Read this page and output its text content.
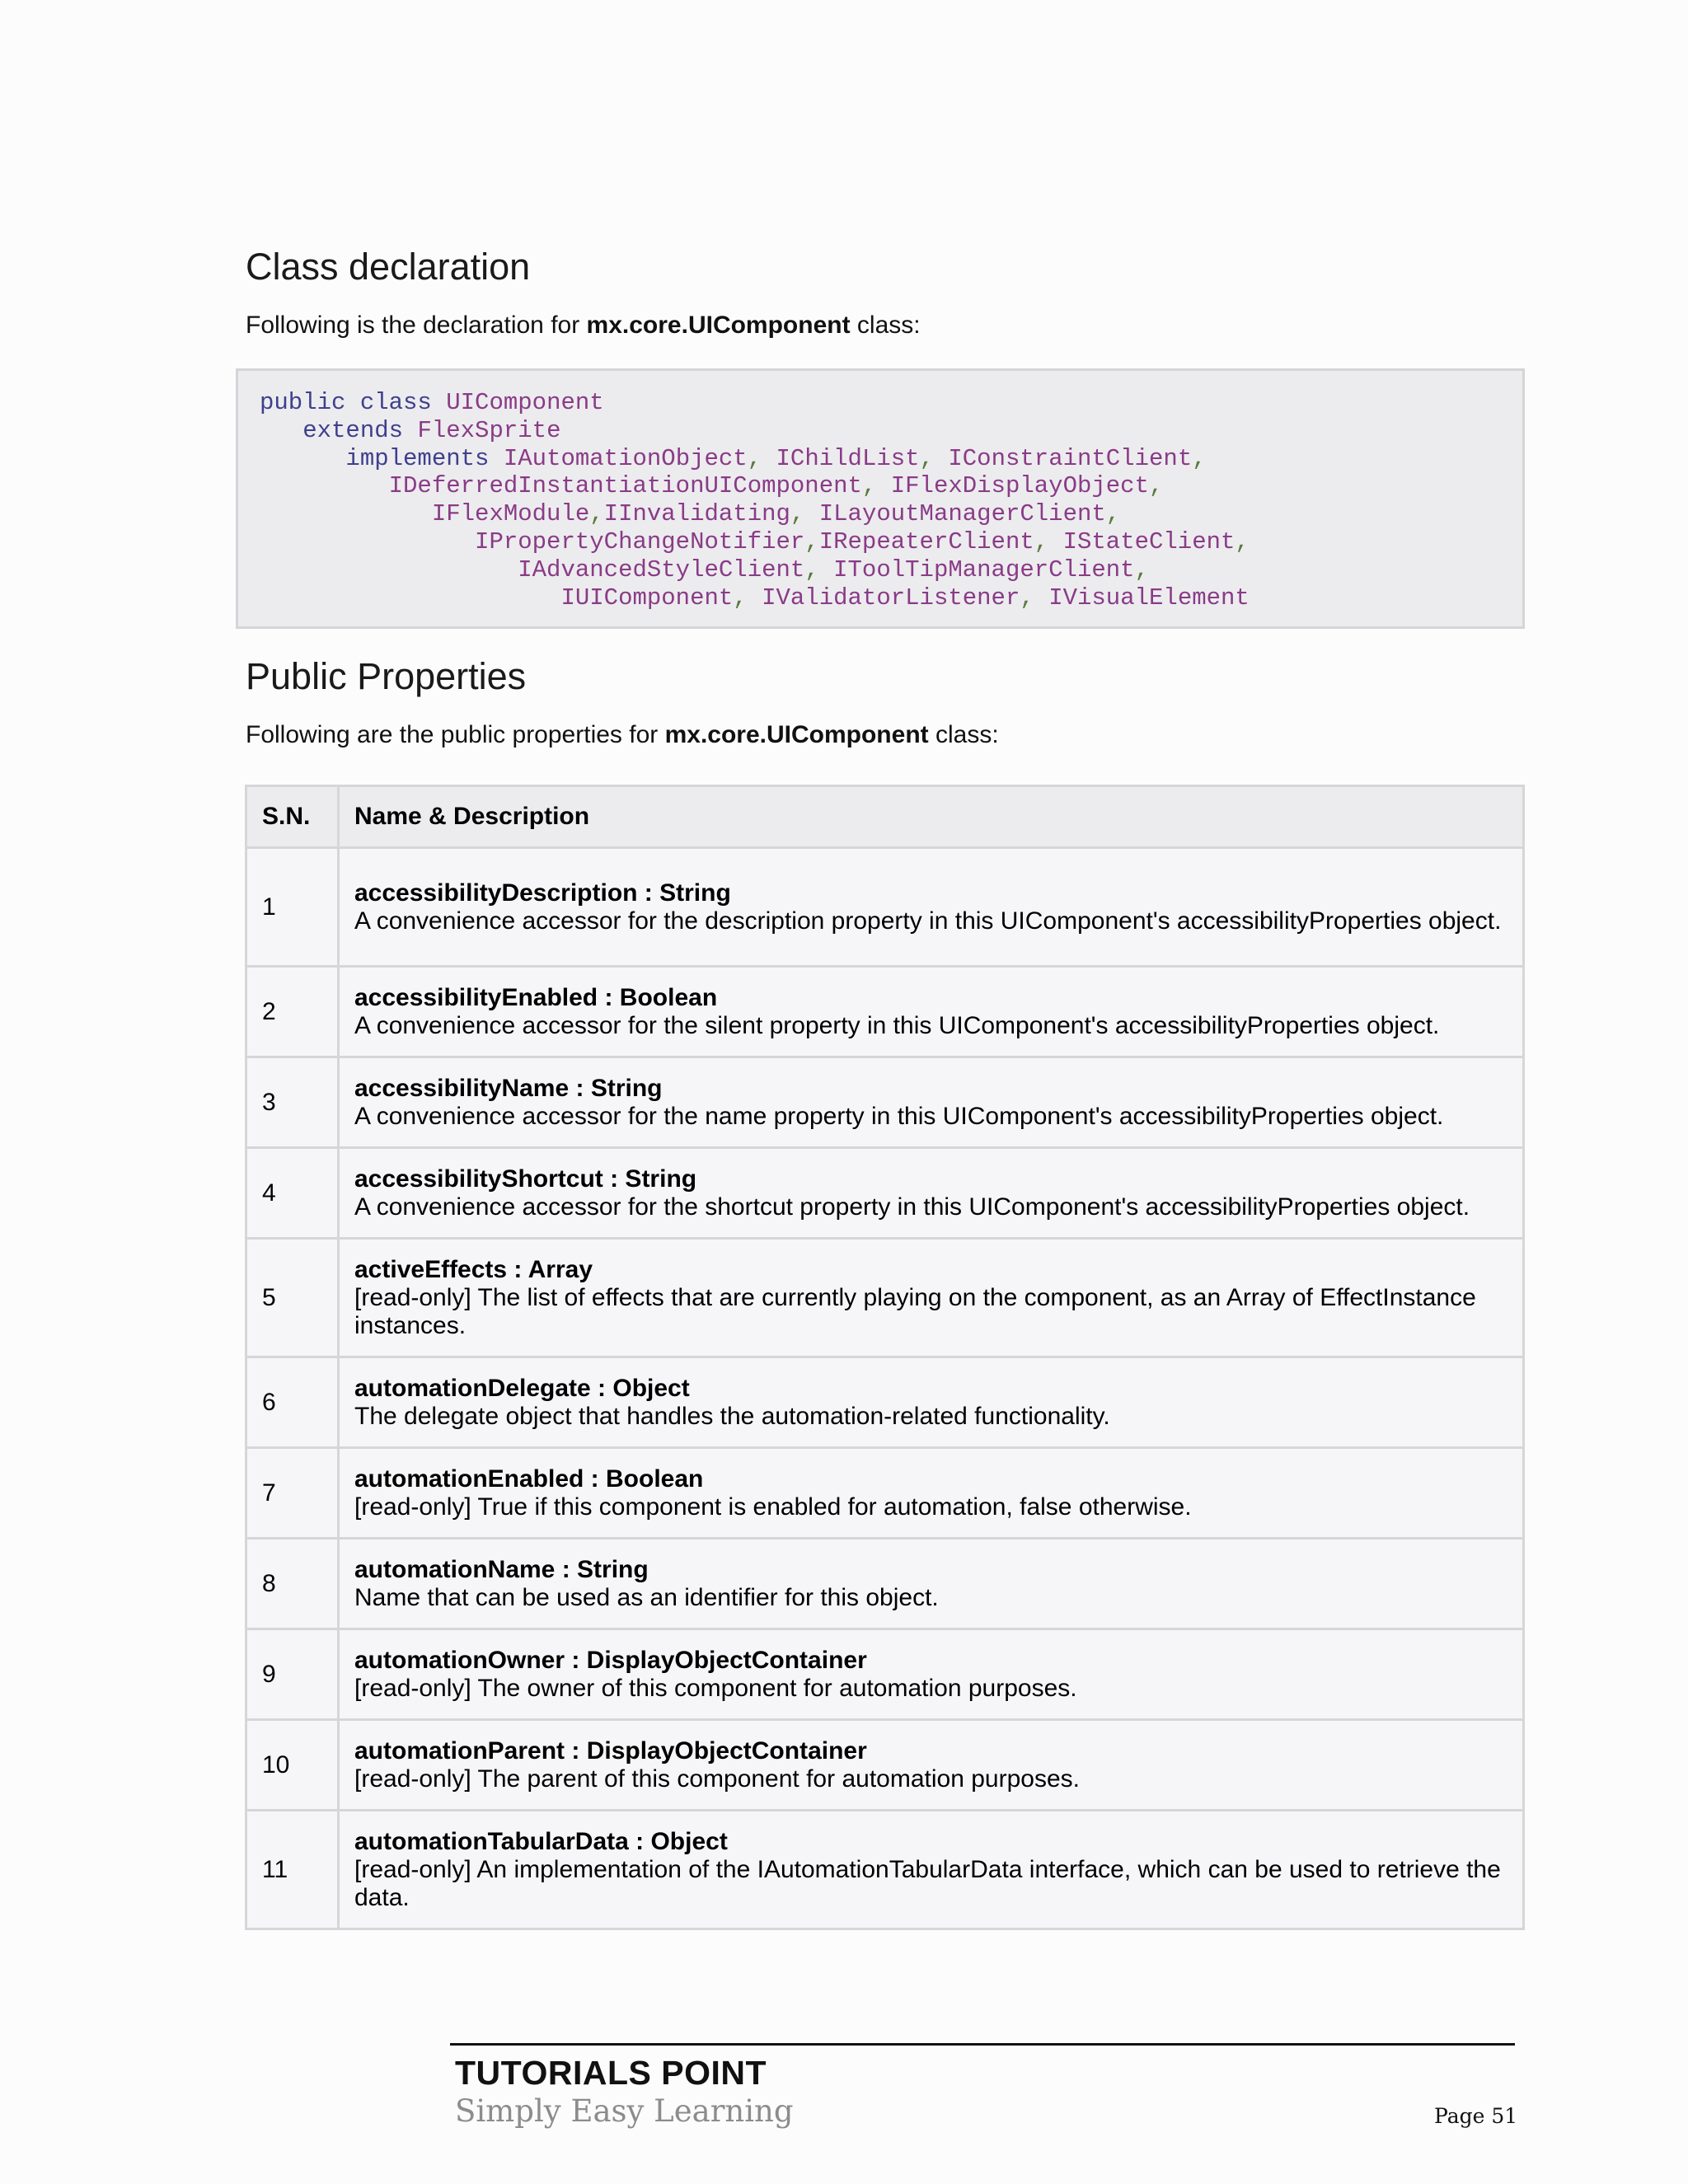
Class declaration

Following is the declaration for mx.core.UIComponent class:

public class UIComponent
extends FlexSprite
implements IAutomationObject, IChildList, IConstraintClient,
IDeferredInstantiationUIComponent, IFlexDisplayObject,
IFlexModule,IInvalidating, ILayoutManagerClient,
IPropertyChangeNotifier,IRepeaterClient, IStateClient,
IAdvancedStyleClient, IToolTipManagerClient,
IUIComponent, IValidatorListener, IVisualElement
Public Properties

Following are the public properties for mx.core.UIComponent class:

S.N.	Name & Description
1	accessibilityDescription : String
A convenience accessor for the description property in this UIComponent's accessibilityProperties object.

2	accessibilityEnabled : Boolean
A convenience accessor for the silent property in this UIComponent's accessibilityProperties object.

3	accessibilityName : String
A convenience accessor for the name property in this UIComponent's accessibilityProperties object.

4	accessibilityShortcut : String
A convenience accessor for the shortcut property in this UIComponent's accessibilityProperties object.

5	activeEffects : Array
[read-only] The list of effects that are currently playing on the component, as an Array of EffectInstance instances.

6	automationDelegate : Object
The delegate object that handles the automation-related functionality.

7	automationEnabled : Boolean
[read-only] True if this component is enabled for automation, false otherwise.

8	automationName : String
Name that can be used as an identifier for this object.

9	automationOwner : DisplayObjectContainer
[read-only] The owner of this component for automation purposes.

10	automationParent : DisplayObjectContainer
[read-only] The parent of this component for automation purposes.

11	automationTabularData : Object
[read-only] An implementation of the IAutomationTabularData interface, which can be used to retrieve the data.

TUTORIALS POINT

Simply Easy Learning	Page 51
